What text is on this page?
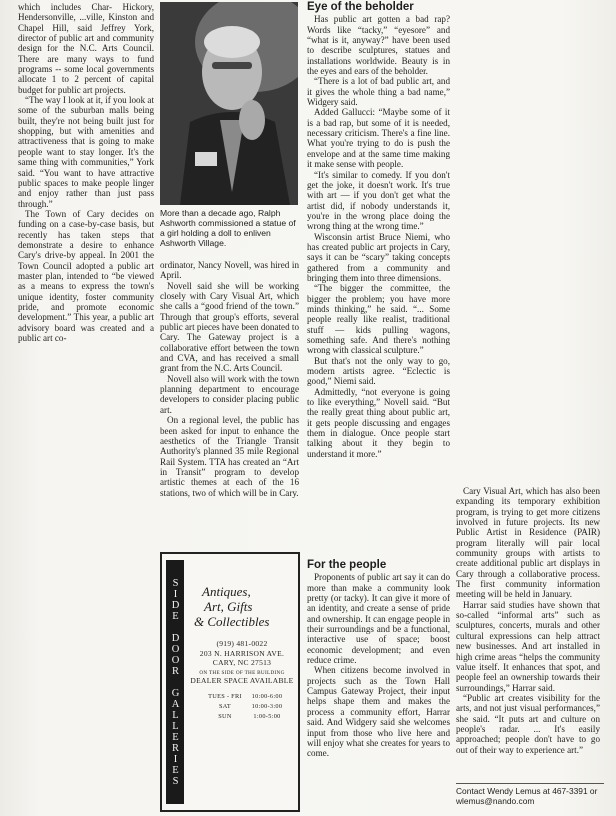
which includes Char- Hickory, Hendersonville, ...ville, Kinston and Chapel Hill, said Jeffrey York, director of public art and community design for the N.C. Arts Council. There are many ways to fund programs -- some local governments allocate 1 to 2 percent of capital budget for public art projects.

“The way I look at it, if you look at some of the suburban malls being built, they're not being built just for shopping, but with amenities and attractiveness that is going to make people want to stay longer. It's the same thing with communities,” York said. “You want to have attractive public spaces to make people linger and enjoy rather than just pass through.”

The Town of Cary decides on funding on a case-by-case basis, but recently has taken steps that demonstrate a desire to enhance Cary's drive-by appeal. In 2001 the Town Council adopted a public art master plan, intended to “be viewed as a means to express the town's unique identity, foster community pride, and promote economic development.” This year, a public art advisory board was created and a public art co-

More than a decade ago, Ralph Ashworth commissioned a statue of a girl holding a doll to enliven Ashworth Village.

ordinator, Nancy Novell, was hired in April.

Novell said she will be working closely with Cary Visual Art, which she calls a “good friend of the town.” Through that group's efforts, several public art pieces have been donated to Cary. The Gateway project is a collaborative effort between the town and CVA, and has received a small grant from the N.C. Arts Council.

Novell also will work with the town planning department to encourage developers to consider placing public art.

On a regional level, the public has been asked for input to enhance the aesthetics of the Triangle Transit Authority's planned 35 mile Regional Rail System. TTA has created an “Art in Transit” program to develop artistic themes at each of the 16 stations, two of which will be in Cary.

Eye of the beholder

Has public art gotten a bad rap? Words like “tacky,” “eyesore” and “what is it, anyway?” have been used to describe sculptures, statues and installations worldwide. Beauty is in the eyes and ears of the beholder.

“There is a lot of bad public art, and it gives the whole thing a bad name,” Widgery said.

Added Gallucci: “Maybe some of it is a bad rap, but some of it is needed, necessary criticism. There's a fine line. What you're trying to do is push the envelope and at the same time making it make sense with people.

“It's similar to comedy. If you don't get the joke, it doesn't work. It's true with art — if you don't get what the artist did, if nobody understands it, you're in the wrong place doing the wrong thing at the wrong time.”

Wisconsin artist Bruce Niemi, who has created public art projects in Cary, says it can be “scary” taking concepts gathered from a community and bringing them into three dimensions.

“The bigger the committee, the bigger the problem; you have more minds thinking,” he said. “... Some people really like realist, traditional stuff — kids pulling wagons, something safe. And there's nothing wrong with classical sculpture.”

But that's not the only way to go, modern artists agree. “Eclectic is good,” Niemi said.

Admittedly, “not everyone is going to like everything,” Novell said. “But the really great thing about public art, it gets people discussing and engages them in dialogue. Once people start talking about it they begin to understand it more.”

For the people

Proponents of public art say it can do more than make a community look pretty (or tacky). It can give it more of an identity, and create a sense of pride and ownership. It can engage people in their surroundings and be a functional, interactive use of space; boost economic development; and even reduce crime.

When citizens become involved in projects such as the Town Hall Campus Gateway Project, their input helps shape them and makes the process a community effort, Harrar said. And Widgery said she welcomes input from those who live here and will enjoy what she creates for years to come.

Cary Visual Art, which has also been expanding its temporary exhibition program, is trying to get more citizens involved in future projects. Its new Public Artist in Residence (PAIR) program literally will pair local community groups with artists to create additional public art displays in Cary through a collaborative process. The first community information meeting will be held in January.

Harrar said studies have shown that so-called “informal arts” such as sculptures, concerts, murals and other cultural expressions can help attract new businesses. And art installed in high crime areas “helps the community value itself. It enhances that spot, and people feel an ownership towards their surroundings,” Harrar said.

“Public art creates visibility for the arts, and not just visual performances,” she said. “It puts art and culture on people's radar. ... It's easily approached; people don't have to go out of their way to experience art.”

Contact Wendy Lemus at 467-3391 or wlemus@nando.com
SIDE DOOR GALLERIES Antiques,
Art, Gifts
& Collectibles
(919) 481-0022
203 N. HARRISON AVE.
CARY, NC 27513
ON THE SIDE OF THE BUILDING
DEALER SPACE AVAILABLE
TUES - FRI 10:00-6:00
SAT	10:00-3:00
SUN	1:00-5:00
